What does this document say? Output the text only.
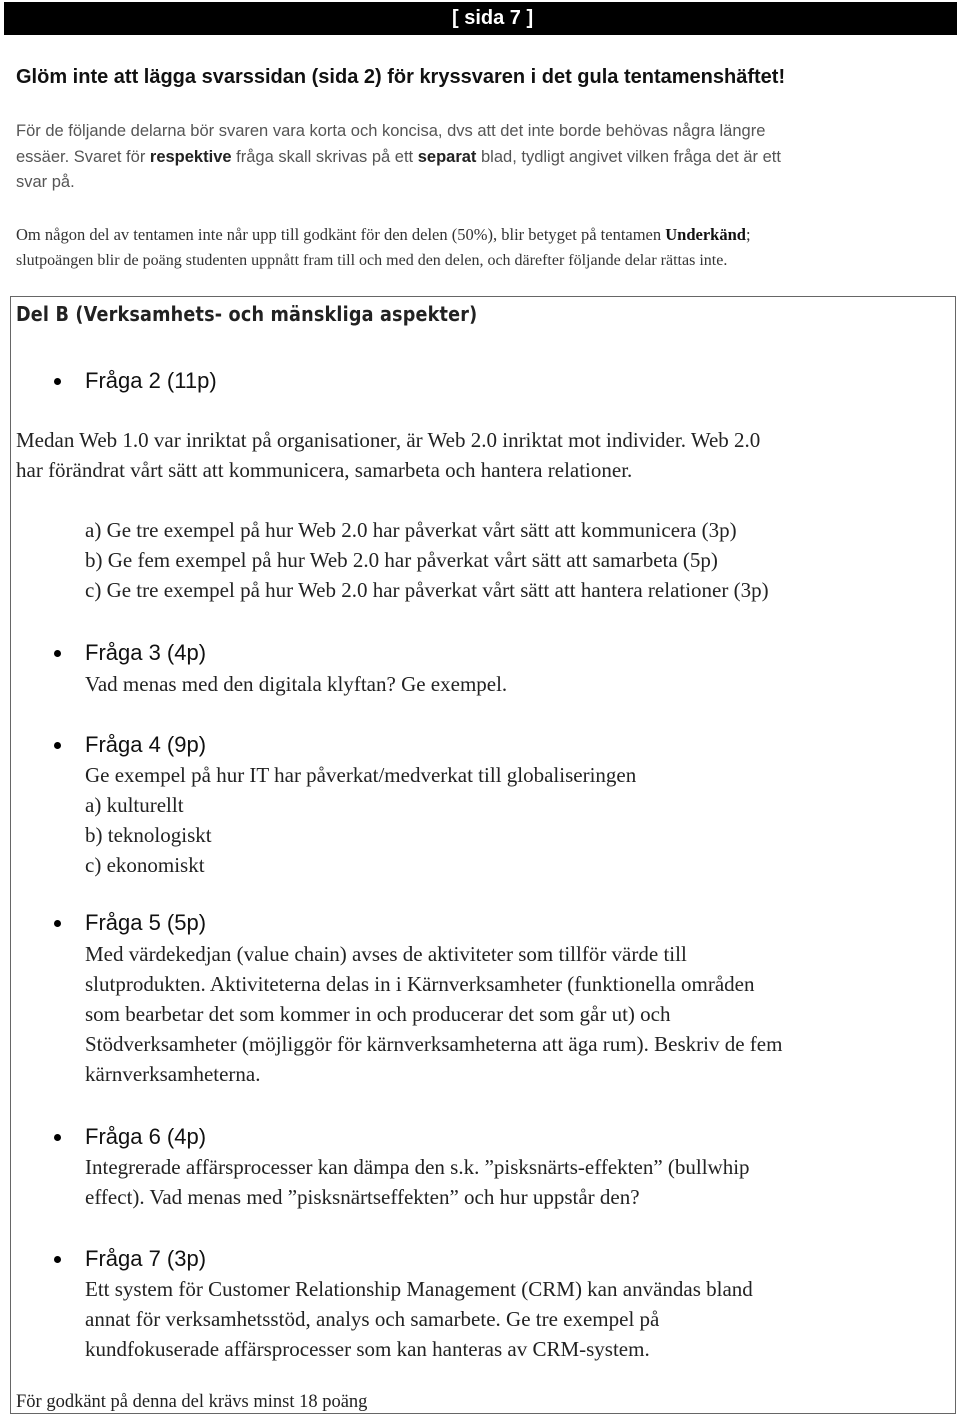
[ sida 7 ]
Glöm inte att lägga svarssidan (sida 2) för kryssvaren i det gula tentamenshäftet!
För de följande delarna bör svaren vara korta och koncisa, dvs att det inte borde behövas några längre
essäer. Svaret för respektive fråga skall skrivas på ett separat blad, tydligt angivet vilken fråga det är ett
svar på.
Om någon del av tentamen inte når upp till godkänt för den delen (50%), blir betyget på tentamen Underkänd;
slutpoängen blir de poäng studenten uppnått fram till och med den delen, och därefter följande delar rättas inte.
Del B (Verksamhets- och mänskliga aspekter)
Fråga 2 (11p)
Medan Web 1.0 var inriktat på organisationer, är Web 2.0 inriktat mot individer. Web 2.0
har förändrat vårt sätt att kommunicera, samarbeta och hantera relationer.
a) Ge tre exempel på hur Web 2.0 har påverkat vårt sätt att kommunicera (3p)
b) Ge fem exempel på hur Web 2.0 har påverkat vårt sätt att samarbeta (5p)
c) Ge tre exempel på hur Web 2.0 har påverkat vårt sätt att hantera relationer (3p)
Fråga 3 (4p)
Vad menas med den digitala klyftan? Ge exempel.
Fråga 4 (9p)
Ge exempel på hur IT har påverkat/medverkat till globaliseringen
a) kulturellt
b) teknologiskt
c) ekonomiskt
Fråga 5 (5p)
Med värdekedjan (value chain) avses de aktiviteter som tillför värde till
slutprodukten. Aktiviteterna delas in i Kärnverksamheter (funktionella områden
som bearbetar det som kommer in och producerar det som går ut) och
Stödverksamheter (möjliggör för kärnverksamheterna att äga rum). Beskriv de fem
kärnverksamheterna.
Fråga 6 (4p)
Integrerade affärsprocesser kan dämpa den s.k. ”pisksnärts-effekten” (bullwhip
effect). Vad menas med ”pisksnärtseffekten” och hur uppstår den?
Fråga 7 (3p)
Ett system för Customer Relationship Management (CRM) kan användas bland
annat för verksamhetsstöd, analys och samarbete. Ge tre exempel på
kundfokuserade affärsprocesser som kan hanteras av CRM-system.
För godkänt på denna del krävs minst 18 poäng
